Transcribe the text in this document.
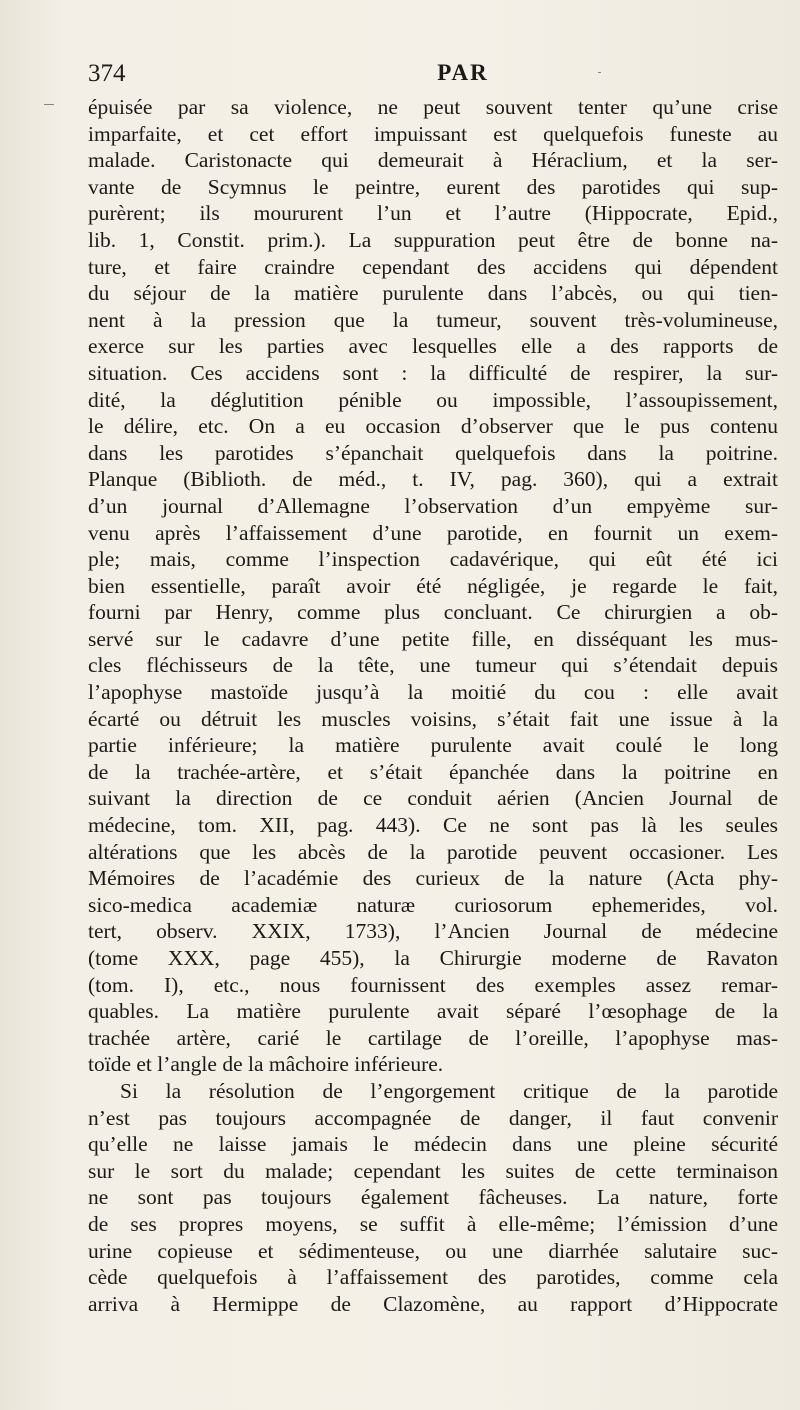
374	PAR
épuisée par sa violence, ne peut souvent tenter qu’une crise
imparfaite, et cet effort impuissant est quelquefois funeste au
malade. Caristonacte qui demeurait à Héraclium, et la ser-
vante de Scymnus le peintre, eurent des parotides qui sup-
purèrent; ils moururent l’un et l’autre (Hippocrate, Epid.,
lib. 1, Constit. prim.). La suppuration peut être de bonne na-
ture, et faire craindre cependant des accidens qui dépendent
du séjour de la matière purulente dans l’abcès, ou qui tien-
nent à la pression que la tumeur, souvent très-volumineuse,
exerce sur les parties avec lesquelles elle a des rapports de
situation. Ces accidens sont : la difficulté de respirer, la sur-
dité, la déglutition pénible ou impossible, l’assoupissement,
le délire, etc. On a eu occasion d’observer que le pus contenu
dans les parotides s’épanchait quelquefois dans la poitrine.
Planque (Biblioth. de méd., t. IV, pag. 360), qui a extrait
d’un journal d’Allemagne l’observation d’un empyème sur-
venu après l’affaissement d’une parotide, en fournit un exem-
ple; mais, comme l’inspection cadavérique, qui eût été ici
bien essentielle, paraît avoir été négligée, je regarde le fait,
fourni par Henry, comme plus concluant. Ce chirurgien a ob-
servé sur le cadavre d’une petite fille, en disséquant les mus-
cles fléchisseurs de la tête, une tumeur qui s’étendait depuis
l’apophyse mastoïde jusqu’à la moitié du cou : elle avait
écarté ou détruit les muscles voisins, s’était fait une issue à la
partie inférieure; la matière purulente avait coulé le long
de la trachée-artère, et s’était épanchée dans la poitrine en
suivant la direction de ce conduit aérien (Ancien Journal de
médecine, tom. XII, pag. 443). Ce ne sont pas là les seules
altérations que les abcès de la parotide peuvent occasioner. Les
Mémoires de l’académie des curieux de la nature (Acta phy-
sico-medica academiæ naturæ curiosorum ephemerides, vol.
tert, observ. XXIX, 1733), l’Ancien Journal de médecine
(tome XXX, page 455), la Chirurgie moderne de Ravaton
(tom. I), etc., nous fournissent des exemples assez remar-
quables. La matière purulente avait séparé l’œsophage de la
trachée artère, carié le cartilage de l’oreille, l’apophyse mas-
toïde et l’angle de la mâchoire inférieure.
Si la résolution de l’engorgement critique de la parotide
n’est pas toujours accompagnée de danger, il faut convenir
qu’elle ne laisse jamais le médecin dans une pleine sécurité
sur le sort du malade; cependant les suites de cette terminaison
ne sont pas toujours également fâcheuses. La nature, forte
de ses propres moyens, se suffit à elle-même; l’émission d’une
urine copieuse et sédimenteuse, ou une diarrhée salutaire suc-
cède quelquefois à l’affaissement des parotides, comme cela
arriva à Hermippe de Clazomène, au rapport d’Hippocrate
